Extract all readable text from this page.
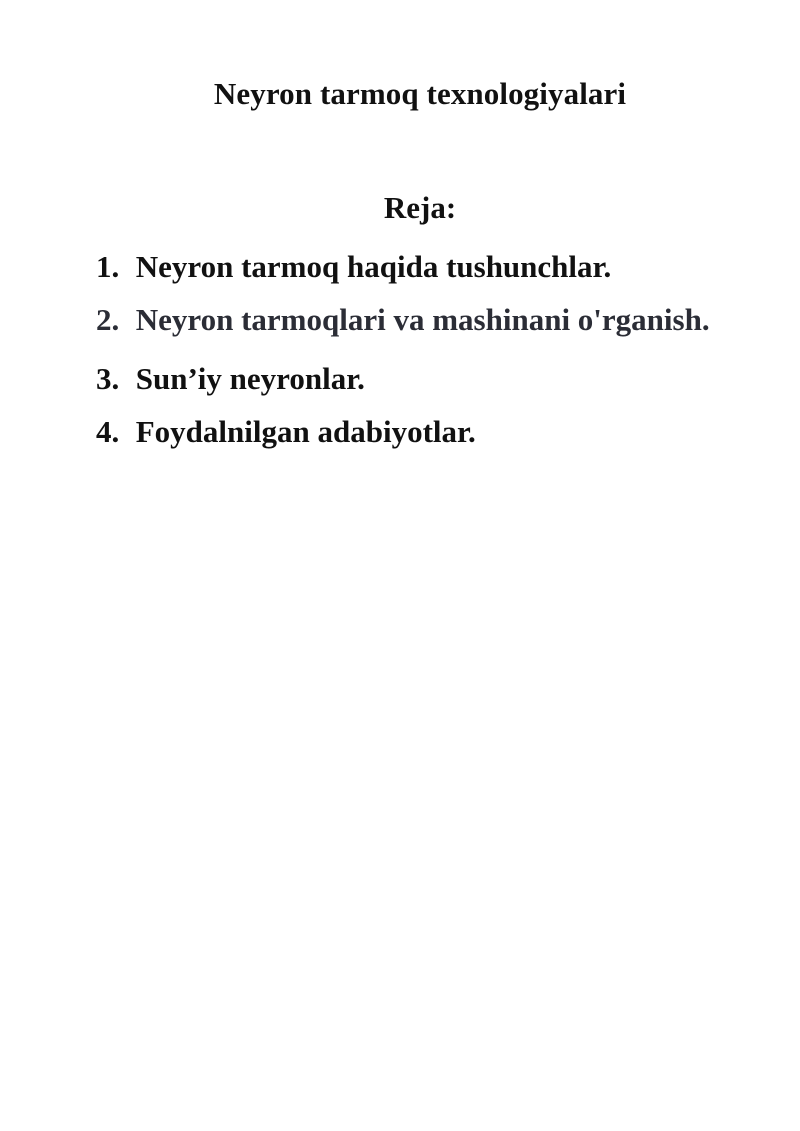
Neyron tarmoq texnologiyalari
Reja:
1. Neyron tarmoq haqida tushunchlar.
2. Neyron tarmoqlari va mashinani o'rganish.
3. Sun’iy neyronlar.
4. Foydalnilgan adabiyotlar.
